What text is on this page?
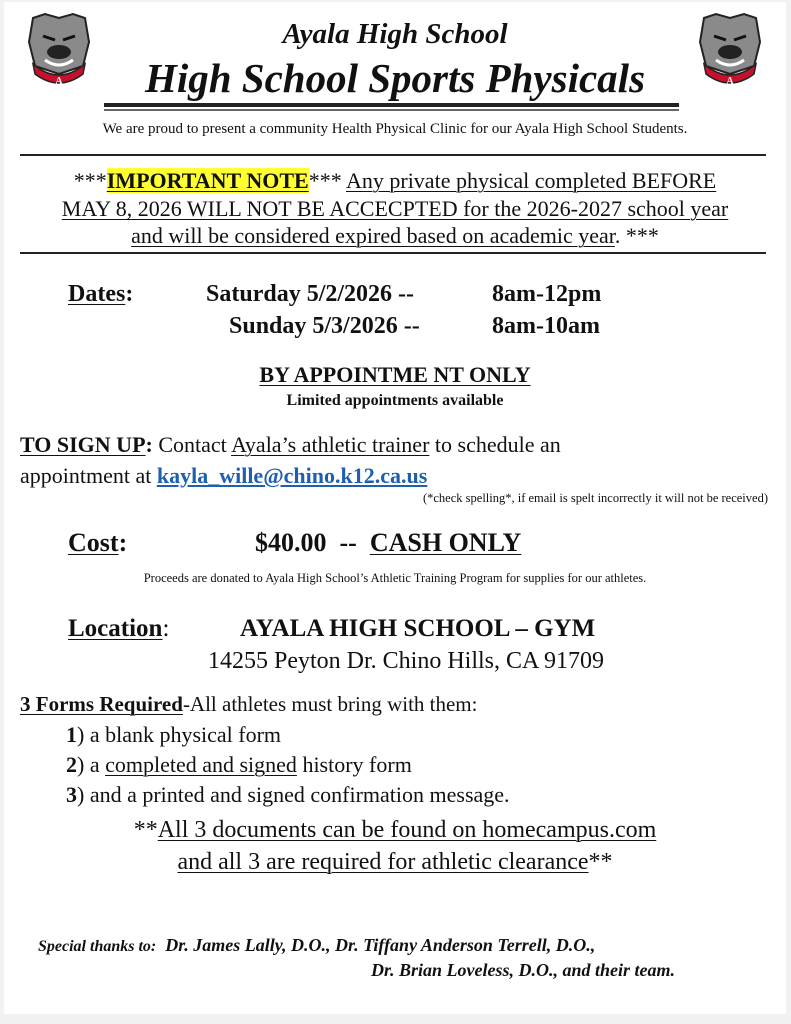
A	A
Ayala High School
High School Sports Physicals
We are proud to present a community Health Physical Clinic for our Ayala High School Students.
***IMPORTANT NOTE*** Any private physical completed BEFORE
MAY 8, 2026 WILL NOT BE ACCECPTED for the 2026-2027 school year
and will be considered expired based on academic year. ***
Dates:	Saturday 5/2/2026 --	8am-12pm
Sunday 5/3/2026 --	8am-10am
BY APPOINTME NT ONLY
Limited appointments available
TO SIGN UP: Contact Ayala’s athletic trainer to schedule an
appointment at kayla_wille@chino.k12.ca.us
(*check spelling*, if email is spelt incorrectly it will not be received)
Cost:	$40.00  --  CASH ONLY
Proceeds are donated to Ayala High School’s Athletic Training Program for supplies for our athletes.
Location:	AYALA HIGH SCHOOL – GYM
14255 Peyton Dr. Chino Hills, CA 91709
3 Forms Required-All athletes must bring with them:
1) a blank physical form
2) a completed and signed history form
3) and a printed and signed confirmation message.
**All 3 documents can be found on homecampus.com
and all 3 are required for athletic clearance**
Special thanks to: Dr. James Lally, D.O., Dr. Tiffany Anderson Terrell, D.O.,
Dr. Brian Loveless, D.O., and their team.
